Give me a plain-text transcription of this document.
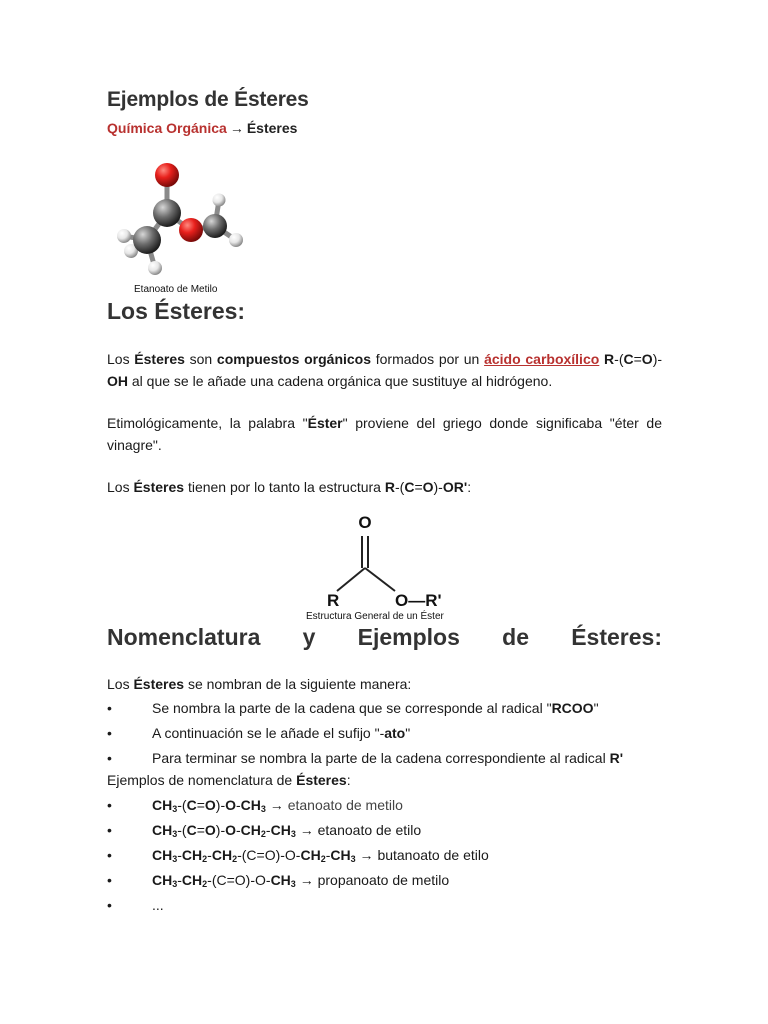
Ejemplos de Ésteres
Química Orgánica → Ésteres
Etanoato de Metilo
Los Ésteres:

Los Ésteres son compuestos orgánicos formados por un ácido carboxílico R-(C=O)-OH al que se le añade una cadena orgánica que sustituye al hidrógeno.

Etimológicamente, la palabra "Éster" proviene del griego donde significaba "éter de vinagre".

Los Ésteres tienen por lo tanto la estructura R-(C=O)-OR':

O
R	O—R'
Estructura General de un Éster
Nomenclatura y Ejemplos de Ésteres:
Los Ésteres se nombran de la siguiente manera:
• Se nombra la parte de la cadena que se corresponde al radical "RCOO"
• A continuación se le añade el sufijo "-ato"
• Para terminar se nombra la parte de la cadena correspondiente al radical R'
Ejemplos de nomenclatura de Ésteres:
• $CH_3-(C=O)-O-CH_3$ → etanoato de metilo
• $CH_3-(C=O)-O-CH_2-CH_3$ → etanoato de etilo
• $CH_3-CH_2-CH_2-(C=O)-O-CH_2-CH_3$ → butanoato de etilo
• $CH_3-CH_2-(C=O)-O-CH_3$ → propanoato de metilo
• ...
